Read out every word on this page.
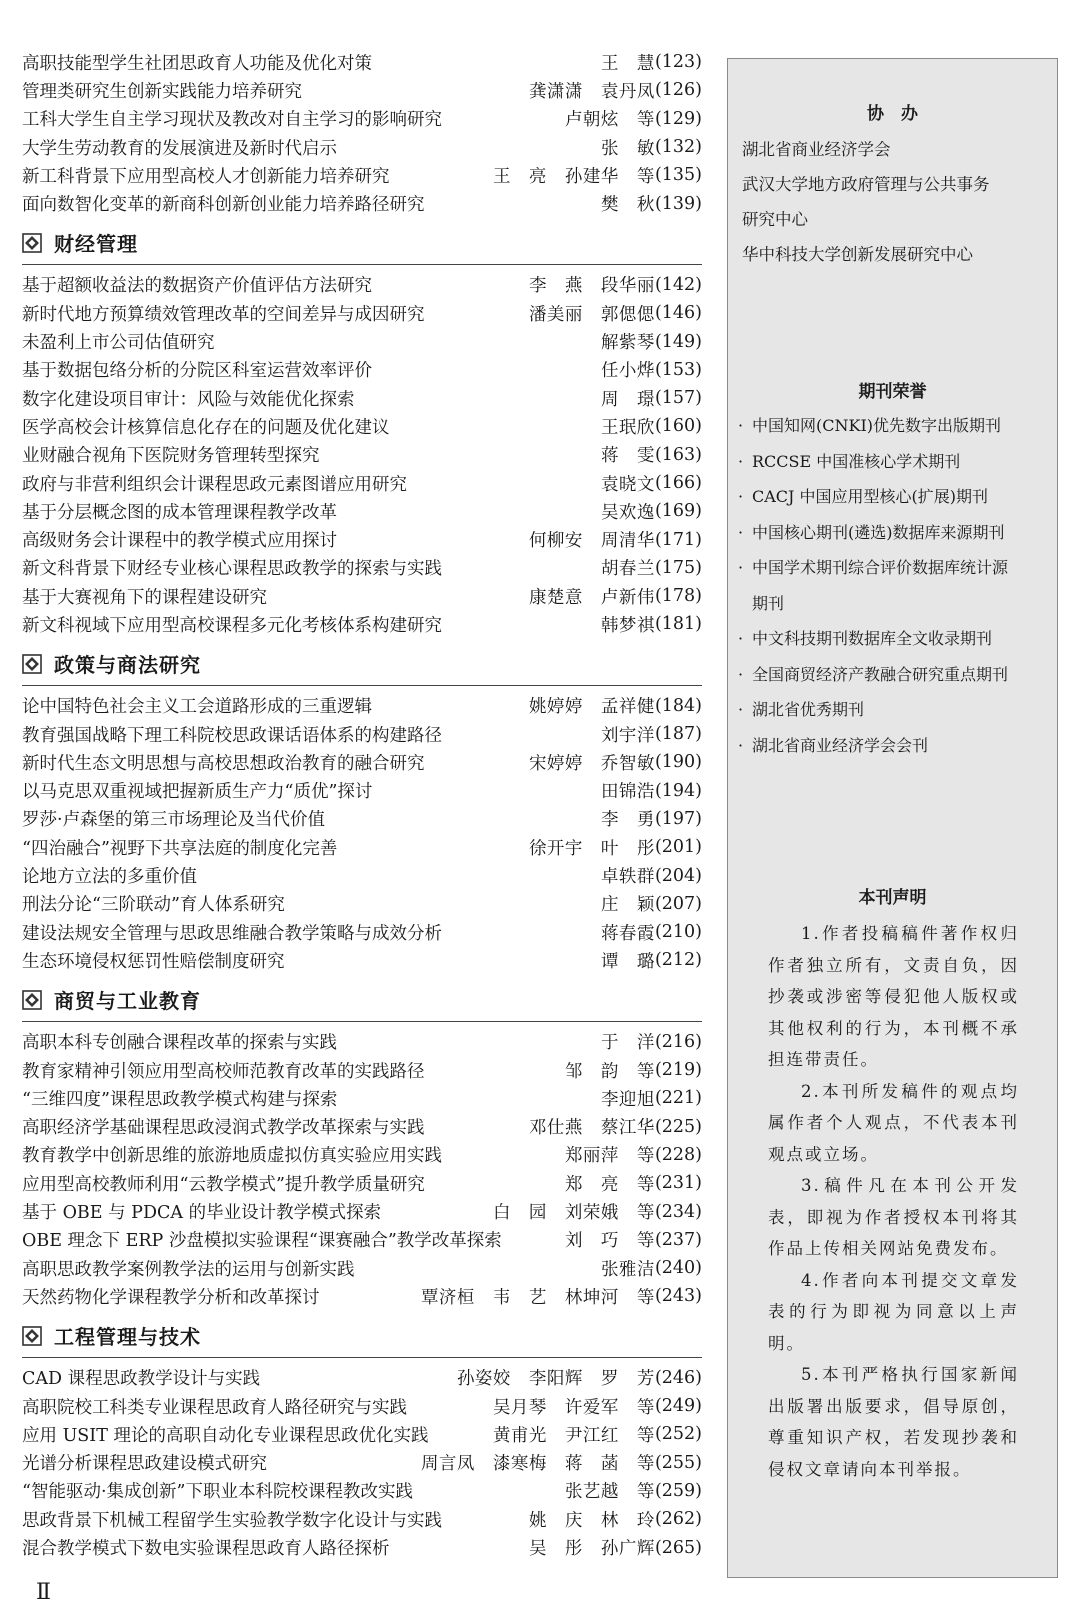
高职技能型学生社团思政育人功能及优化对策	王　慧 (123)
管理类研究生创新实践能力培养研究	龚潇潇　袁丹凤 (126)
工科大学生自主学习现状及教改对自主学习的影响研究	卢朝炫　等 (129)
大学生劳动教育的发展演进及新时代启示	张　敏 (132)
新工科背景下应用型高校人才创新能力培养研究	王　亮　孙建华　等 (135)
面向数智化变革的新商科创新创业能力培养路径研究	樊　秋 (139)
财经管理
基于超额收益法的数据资产价值评估方法研究	李　燕　段华丽 (142)
新时代地方预算绩效管理改革的空间差异与成因研究	潘美丽　郭偲偲 (146)
未盈利上市公司估值研究	解紫琴 (149)
基于数据包络分析的分院区科室运营效率评价	任小烨 (153)
数字化建设项目审计：风险与效能优化探索	周　璟 (157)
医学高校会计核算信息化存在的问题及优化建议	王珉欣 (160)
业财融合视角下医院财务管理转型探究	蒋　雯 (163)
政府与非营利组织会计课程思政元素图谱应用研究	袁晓文 (166)
基于分层概念图的成本管理课程教学改革	吴欢逸 (169)
高级财务会计课程中的教学模式应用探讨	何柳安　周清华 (171)
新文科背景下财经专业核心课程思政教学的探索与实践	胡春兰 (175)
基于大赛视角下的课程建设研究	康楚意　卢新伟 (178)
新文科视域下应用型高校课程多元化考核体系构建研究	韩梦祺 (181)
政策与商法研究
论中国特色社会主义工会道路形成的三重逻辑	姚婷婷　孟祥健 (184)
教育强国战略下理工科院校思政课话语体系的构建路径	刘宇洋 (187)
新时代生态文明思想与高校思想政治教育的融合研究	宋婷婷　乔智敏 (190)
以马克思双重视域把握新质生产力“质优”探讨	田锦浩 (194)
罗莎·卢森堡的第三市场理论及当代价值	李　勇 (197)
“四治融合”视野下共享法庭的制度化完善	徐开宇　叶　彤 (201)
论地方立法的多重价值	卓轶群 (204)
刑法分论“三阶联动”育人体系研究	庄　颖 (207)
建设法规安全管理与思政思维融合教学策略与成效分析	蒋春霞 (210)
生态环境侵权惩罚性赔偿制度研究	谭　璐 (212)
商贸与工业教育
高职本科专创融合课程改革的探索与实践	于　洋 (216)
教育家精神引领应用型高校师范教育改革的实践路径	邹　韵　等 (219)
“三维四度”课程思政教学模式构建与探索	李迎旭 (221)
高职经济学基础课程思政浸润式教学改革探索与实践	邓仕燕　蔡江华 (225)
教育教学中创新思维的旅游地质虚拟仿真实验应用实践	郑丽萍　等 (228)
应用型高校教师利用“云教学模式”提升教学质量研究	郑　亮　等 (231)
基于 OBE 与 PDCA 的毕业设计教学模式探索	白　园　刘荣娥　等 (234)
OBE 理念下 ERP 沙盘模拟实验课程“课赛融合”教学改革探索	刘　巧　等 (237)
高职思政教学案例教学法的运用与创新实践	张雅洁 (240)
天然药物化学课程教学分析和改革探讨	覃济桓　韦　艺　林坤河　等 (243)
工程管理与技术
CAD 课程思政教学设计与实践	孙姿姣　李阳辉　罗　芳 (246)
高职院校工科类专业课程思政育人路径研究与实践	吴月琴　许爱军　等 (249)
应用 USIT 理论的高职自动化专业课程思政优化实践	黄甫光　尹江红　等 (252)
光谱分析课程思政建设模式研究	周言凤　漆寒梅　蒋　菡　等 (255)
“智能驱动·集成创新”下职业本科院校课程教改实践	张艺越　等 (259)
思政背景下机械工程留学生实验教学数字化设计与实践	姚　庆　林　玲 (262)
混合教学模式下数电实验课程思政育人路径探析	吴　彤　孙广辉 (265)
协　办
湖北省商业经济学会
武汉大学地方政府管理与公共事务
研究中心
华中科技大学创新发展研究中心
期刊荣誉
· 中国知网(CNKI)优先数字出版期刊
· RCCSE 中国准核心学术期刊
· CACJ 中国应用型核心(扩展)期刊
· 中国核心期刊(遴选)数据库来源期刊
· 中国学术期刊综合评价数据库统计源
期刊
· 中文科技期刊数据库全文收录期刊
· 全国商贸经济产教融合研究重点期刊
· 湖北省优秀期刊
· 湖北省商业经济学会会刊
本刊声明

1.作者投稿稿件著作权归作者独立所有，文责自负，因抄袭或涉密等侵犯他人版权或其他权利的行为，本刊概不承担连带责任。

2.本刊所发稿件的观点均属作者个人观点，不代表本刊观点或立场。

3.稿件凡在本刊公开发表，即视为作者授权本刊将其作品上传相关网站免费发布。

4.作者向本刊提交文章发表的行为即视为同意以上声明。

5.本刊严格执行国家新闻出版署出版要求，倡导原创，尊重知识产权，若发现抄袭和侵权文章请向本刊举报。

Ⅱ
